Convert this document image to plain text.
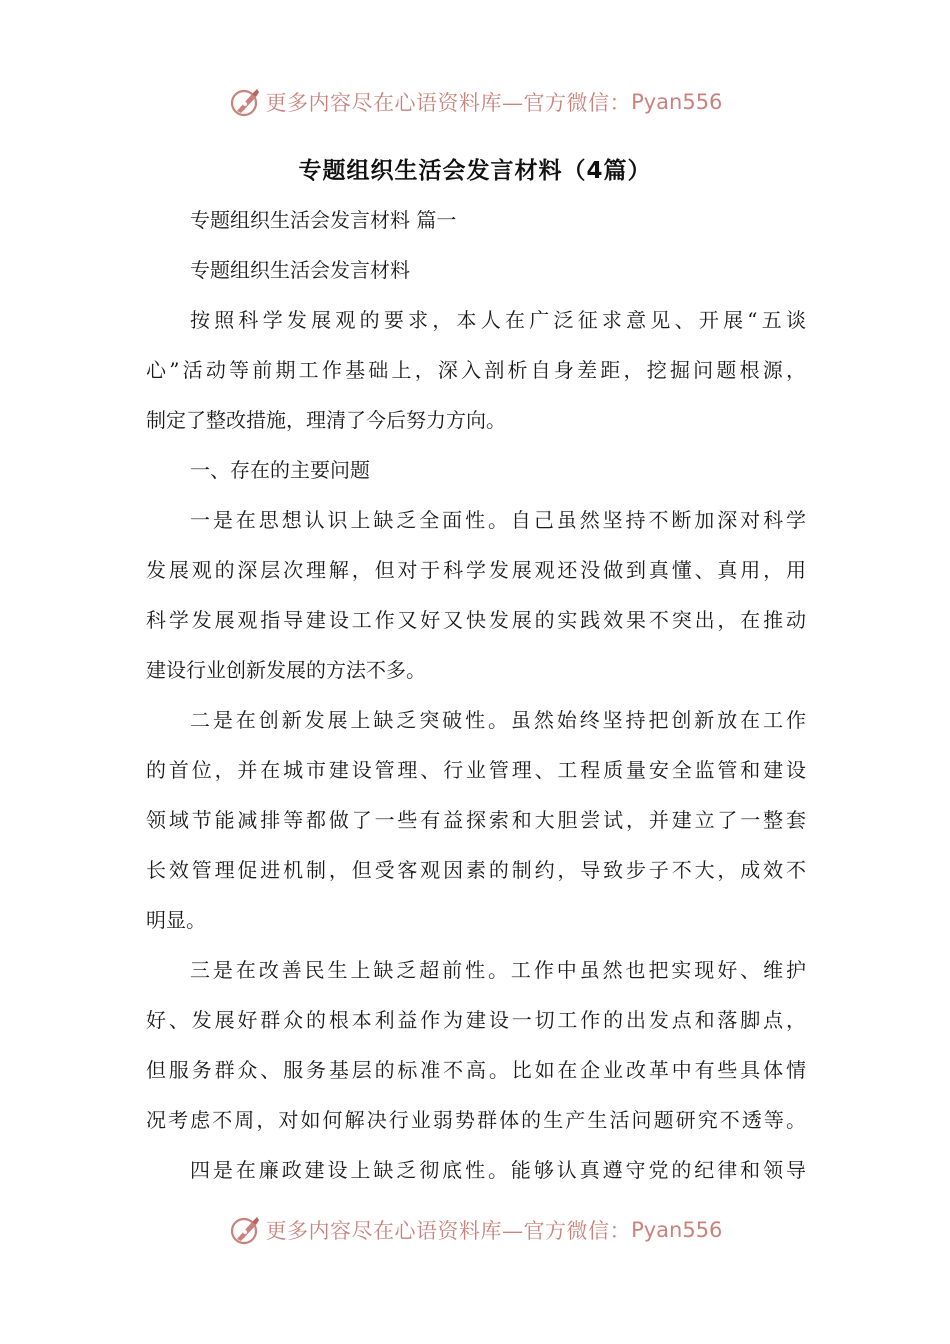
更多内容尽在心语资料库—官方微信： Pyan556
专题组织生活会发言材料（4篇）
专题组织生活会发言材料 篇一
专题组织生活会发言材料
按照科学发展观的要求，本人在广泛征求意见、开展“五谈
心”活动等前期工作基础上，深入剖析自身差距，挖掘问题根源，
制定了整改措施，理清了今后努力方向。
一、存在的主要问题
一是在思想认识上缺乏全面性。自己虽然坚持不断加深对科学
发展观的深层次理解，但对于科学发展观还没做到真懂、真用，用
科学发展观指导建设工作又好又快发展的实践效果不突出，在推动
建设行业创新发展的方法不多。
二是在创新发展上缺乏突破性。虽然始终坚持把创新放在工作
的首位，并在城市建设管理、行业管理、工程质量安全监管和建设
领域节能减排等都做了一些有益探索和大胆尝试，并建立了一整套
长效管理促进机制，但受客观因素的制约，导致步子不大，成效不
明显。
三是在改善民生上缺乏超前性。工作中虽然也把实现好、维护
好、发展好群众的根本利益作为建设一切工作的出发点和落脚点，
但服务群众、服务基层的标准不高。比如在企业改革中有些具体情
况考虑不周，对如何解决行业弱势群体的生产生活问题研究不透等。
四是在廉政建设上缺乏彻底性。能够认真遵守党的纪律和领导
更多内容尽在心语资料库—官方微信： Pyan556
